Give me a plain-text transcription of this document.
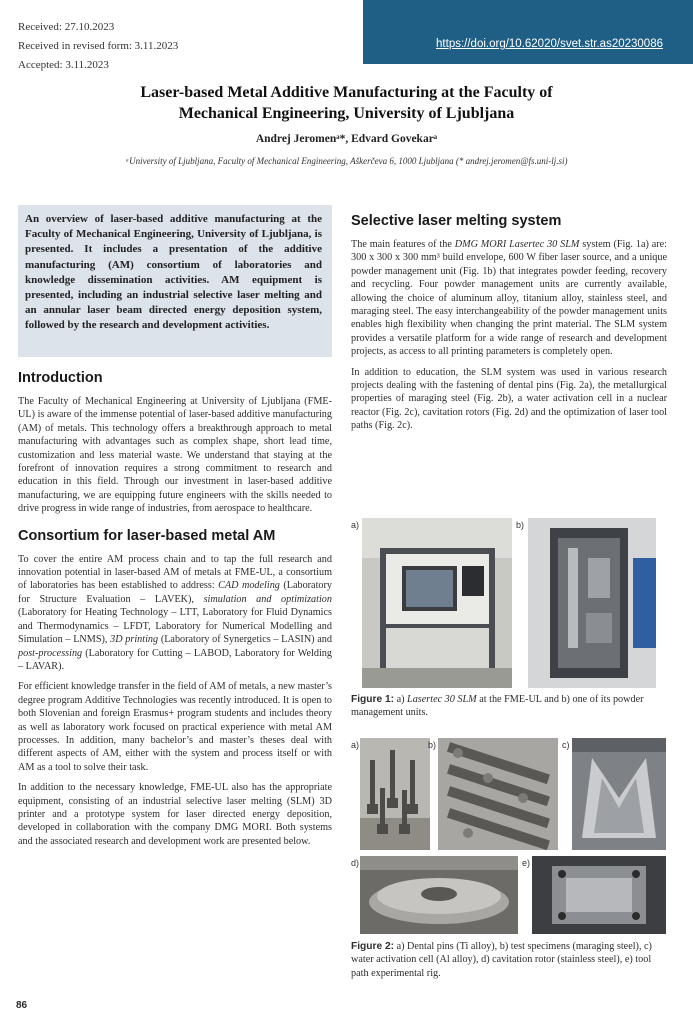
Received: 27.10.2023
Received in revised form: 3.11.2023
Accepted: 3.11.2023
https://doi.org/10.62020/svet.str.as20230086
Laser-based Metal Additive Manufacturing at the Faculty of
Mechanical Engineering, University of Ljubljana
Andrej Jeromenᵃ*, Edvard Govekarᵃ
ᵃUniversity of Ljubljana, Faculty of Mechanical Engineering, Aškerčeva 6, 1000 Ljubljana (* andrej.jeromen@fs.uni-lj.si)
An overview of laser-based additive manufacturing at the Faculty of Mechanical Engineering, University of Ljubljana, is presented. It includes a presentation of the additive manufacturing (AM) consortium of laboratories and knowledge dissemination activities. AM equipment is presented, including an industrial selective laser melting and an annular laser beam directed energy deposition system, followed by the research and development activities.
Introduction

The Faculty of Mechanical Engineering at University of Ljubljana (FME-UL) is aware of the immense potential of laser-based additive manufacturing (AM) of metals. This technology offers a breakthrough approach to metal manufacturing with advantages such as complex shape, short lead time, customization and less material waste. We understand that staying at the forefront of innovation requires a strong commitment to research and education in this field. Through our investment in laser-based additive manufacturing, we are equipping future engineers with the skills needed to drive progress in wide range of industries, from aerospace to healthcare.

Consortium for laser-based metal AM

To cover the entire AM process chain and to tap the full research and innovation potential in laser-based AM of metals at FME-UL, a consortium of laboratories has been established to address: CAD modeling (Laboratory for Structure Evaluation – LAVEK), simulation and optimization (Laboratory for Heating Technology – LTT, Laboratory for Fluid Dynamics and Thermodynamics – LFDT, Laboratory for Numerical Modelling and Simulation – LNMS), 3D printing (Laboratory of Synergetics – LASIN) and post-processing (Laboratory for Cutting – LABOD, Laboratory for Welding – LAVAR).

For efficient knowledge transfer in the field of AM of metals, a new master’s degree program Additive Technologies was recently introduced. It is open to both Slovenian and foreign Erasmus+ program students and includes theory as well as laboratory work focused on practical experience with metal AM processes. In addition, many bachelor’s and master’s theses deal with different aspects of AM, either with the system and process itself or with AM as a tool to solve their task.

In addition to the necessary knowledge, FME-UL also has the appropriate equipment, consisting of an industrial selective laser melting (SLM) 3D printer and a prototype system for laser directed energy deposition, developed in collaboration with the company DMG MORI. Both systems and the associated research and development work are presented below.

Selective laser melting system

The main features of the DMG MORI Lasertec 30 SLM system (Fig. 1a) are: 300 x 300 x 300 mm³ build envelope, 600 W fiber laser source, and a unique powder management unit (Fig. 1b) that integrates powder feeding, recovery and recycling. Four powder management units are currently available, allowing the choice of aluminum alloy, titanium alloy, stainless steel, and maraging steel. The easy interchangeability of the powder management units enables high flexibility when changing the print material. The SLM system provides a versatile platform for a wide range of research and development projects, as access to all printing parameters is completely open.

In addition to education, the SLM system was used in various research projects dealing with the fastening of dental pins (Fig. 2a), the metallurgical properties of maraging steel (Fig. 2b), a water activation cell in a nuclear reactor (Fig. 2c), cavitation rotors (Fig. 2d) and the optimization of laser tool paths (Fig. 2c).

a)	b)
Figure 1: a) Lasertec 30 SLM at the FME-UL and b) one of its powder management units.
a)	b)	c)
d)	e)
Figure 2: a) Dental pins (Ti alloy), b) test specimens (maraging steel), c) water activation cell (Al alloy), d) cavitation rotor (stainless steel), e) tool path experimental rig.
86
